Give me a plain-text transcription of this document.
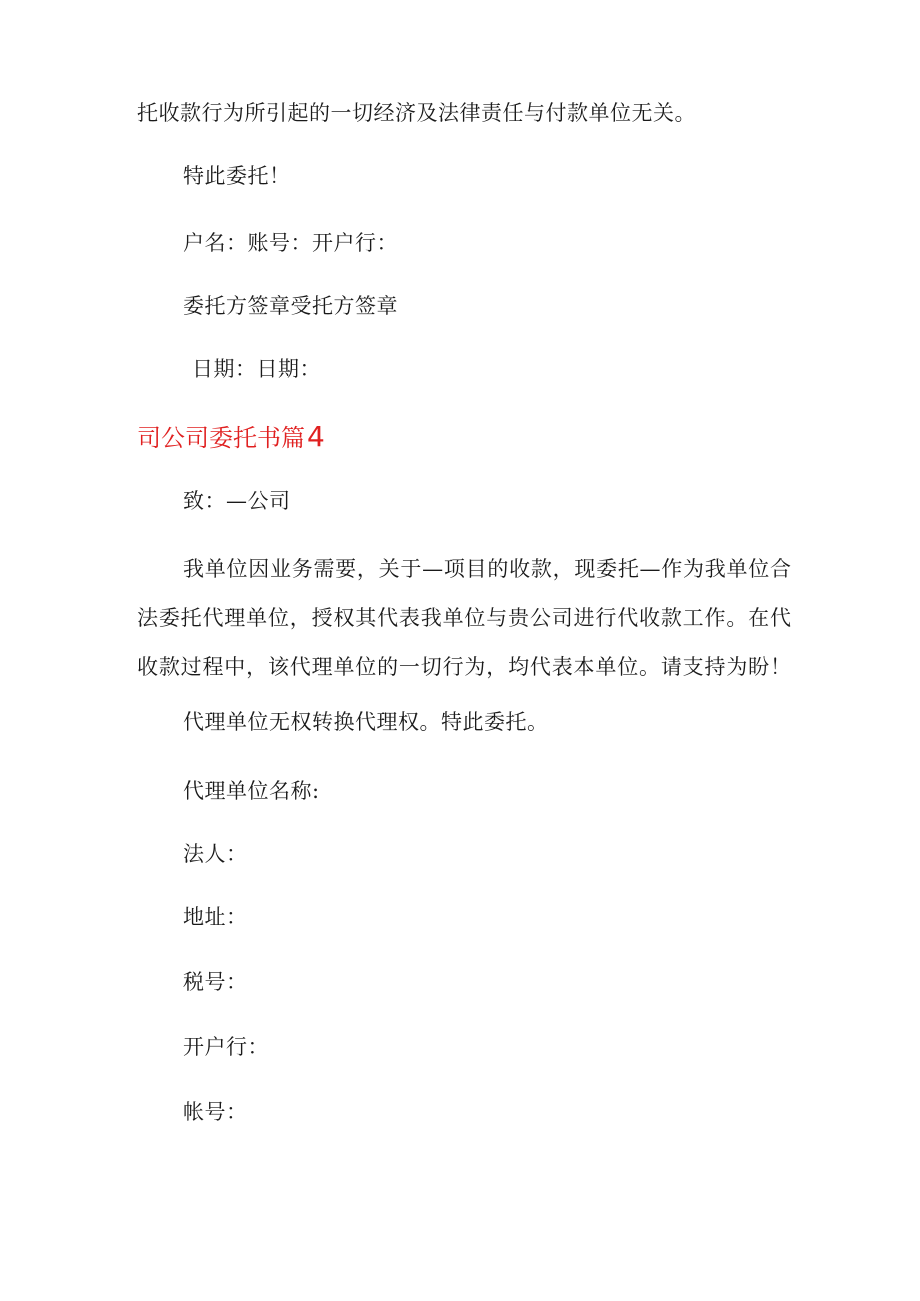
托收款行为所引起的一切经济及法律责任与付款单位无关。
特此委托！
户名：账号：开户行：
委托方签章受托方签章
日期：日期：
司公司委托书篇4
致：—公司
我单位因业务需要，关于—项目的收款，现委托—作为我单位合
法委托代理单位，授权其代表我单位与贵公司进行代收款工作。在代
收款过程中，该代理单位的一切行为，均代表本单位。请支持为盼！
代理单位无权转换代理权。特此委托。
代理单位名称:
法人：
地址：
税号：
开户行：
帐号：
